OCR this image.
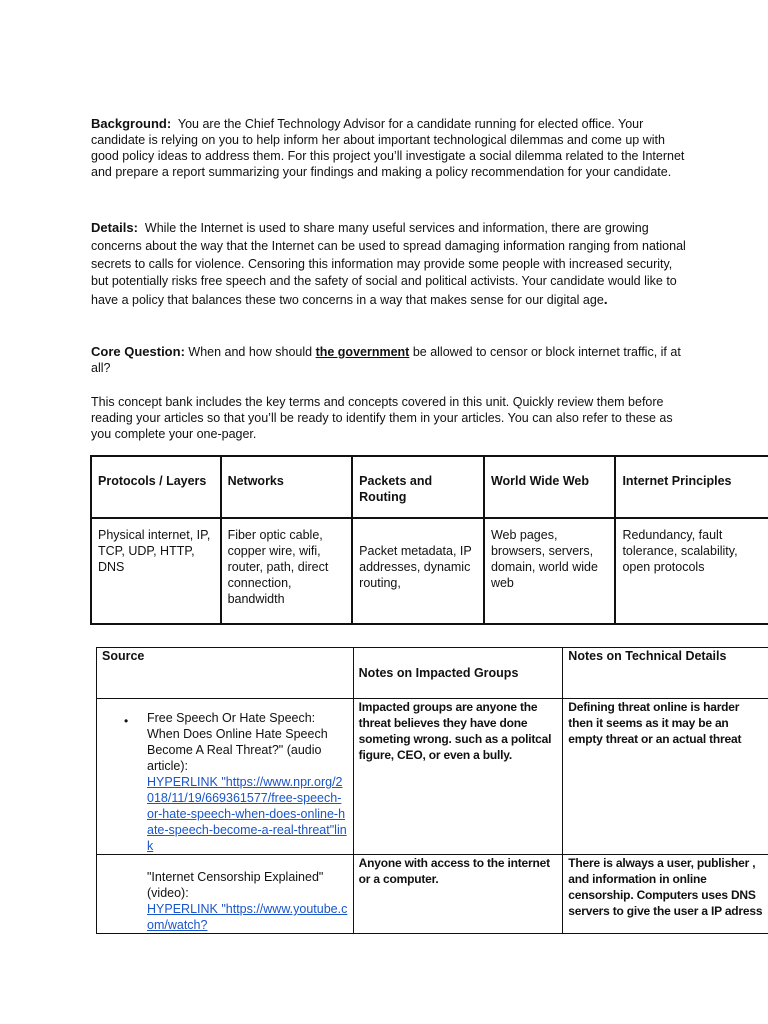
Background: You are the Chief Technology Advisor for a candidate running for elected office. Your candidate is relying on you to help inform her about important technological dilemmas and come up with good policy ideas to address them. For this project you’ll investigate a social dilemma related to the Internet and prepare a report summarizing your findings and making a policy recommendation for your candidate.

Details: While the Internet is used to share many useful services and information, there are growing concerns about the way that the Internet can be used to spread damaging information ranging from national secrets to calls for violence. Censoring this information may provide some people with increased security, but potentially risks free speech and the safety of social and political activists. Your candidate would like to have a policy that balances these two concerns in a way that makes sense for our digital age.

Core Question: When and how should the government be allowed to censor or block internet traffic, if at all?

This concept bank includes the key terms and concepts covered in this unit. Quickly review them before reading your articles so that you’ll be ready to identify them in your articles. You can also refer to these as you complete your one-pager.

Protocols / Layers	Networks	Packets and Routing	World Wide Web	Internet Principles

Physical internet, IP, TCP, UDP, HTTP, DNS	Fiber optic cable, copper wire, wifi, router, path, direct connection, bandwidth	Packet metadata, IP addresses, dynamic routing,	Web pages, browsers, servers, domain, world wide web	Redundancy, fault tolerance, scalability, open protocols
Source	Notes on Impacted Groups	Notes on Technical Details

• Free Speech Or Hate Speech: When Does Online Hate Speech Become A Real Threat?" (audio article):
HYPERLINK "https://www.npr.org/2018/11/19/669361577/free-speech-or-hate-speech-when-does-online-hate-speech-become-a-real-threat"link	Impacted groups are anyone the threat believes they have done someting wrong. such as a politcal figure, CEO, or even a bully.	Defining threat online is harder then it seems as it may be an empty threat or an actual threat

"Internet Censorship Explained" (video):
HYPERLINK "https://www.youtube.com/watch?	Anyone with access to the internet or a computer.	There is always a user, publisher , and information in online censorship. Computers uses DNS servers to give the user a IP adress
